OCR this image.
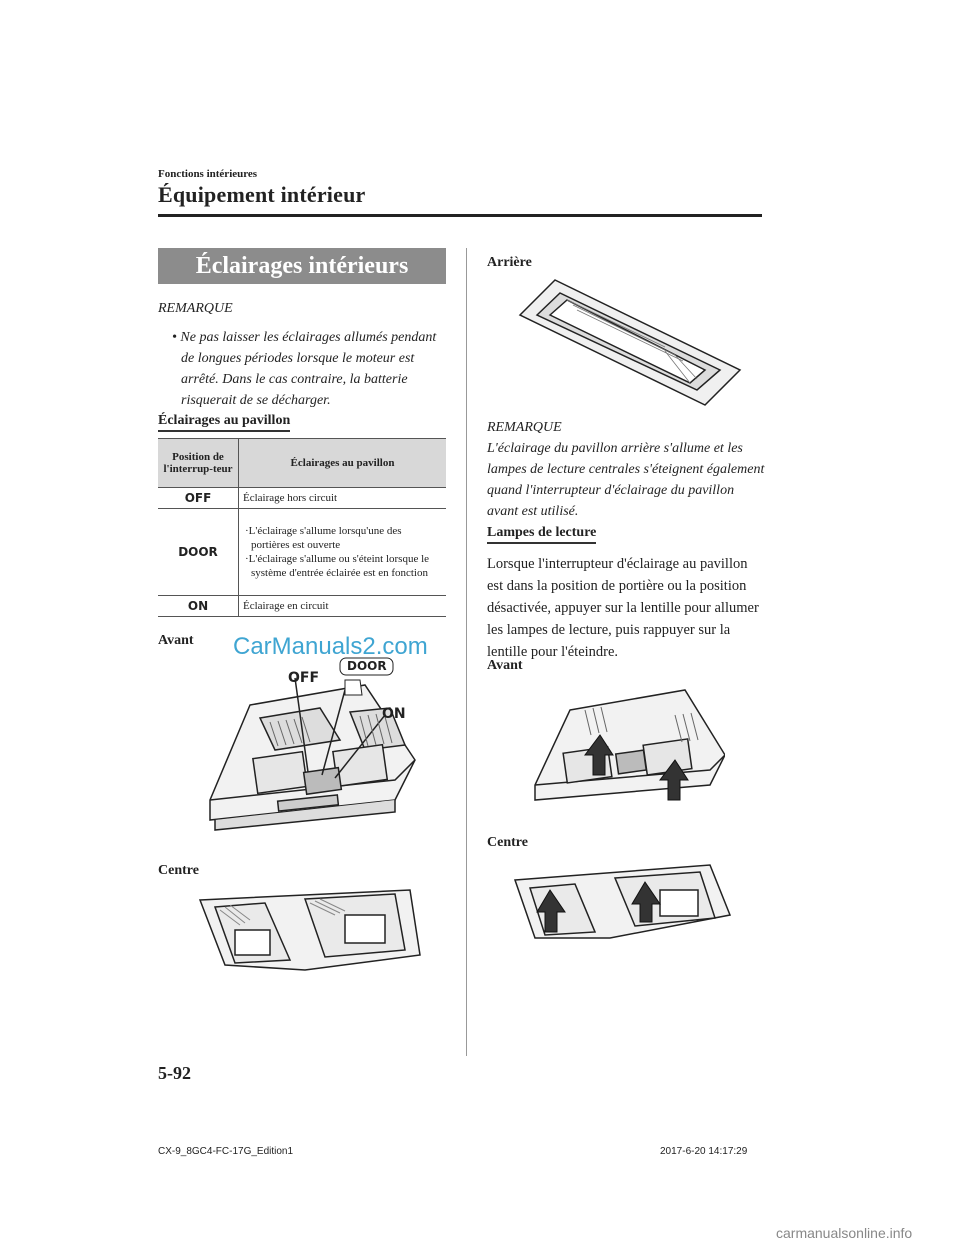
Fonctions intérieures
Équipement intérieur
Éclairages intérieurs
REMARQUE
• Ne pas laisser les éclairages allumés pendant de longues périodes lorsque le moteur est arrêté. Dans le cas contraire, la batterie risquerait de se décharger.
Éclairages au pavillon
Position de l'interrup-teur	Éclairages au pavillon
OFF	Éclairage hors circuit
DOOR	·L'éclairage s'allume lorsqu'une des portières est ouverte
·L'éclairage s'allume ou s'éteint lorsque le système d'entrée éclairée est en fonction

ON	Éclairage en circuit
Avant CarManuals2.com
OFF
DOOR
ON
Centre
5-92
Arrière
REMARQUE
L'éclairage du pavillon arrière s'allume et les lampes de lecture centrales s'éteignent également quand l'interrupteur d'éclairage du pavillon avant est utilisé.
Lampes de lecture
Lorsque l'interrupteur d'éclairage au pavillon est dans la position de portière ou la position désactivée, appuyer sur la lentille pour allumer les lampes de lecture, puis rappuyer sur la lentille pour l'éteindre.
Avant
Centre
CX-9_8GC4-FC-17G_Edition1	2017-6-20 14:17:29
carmanualsonline.info
